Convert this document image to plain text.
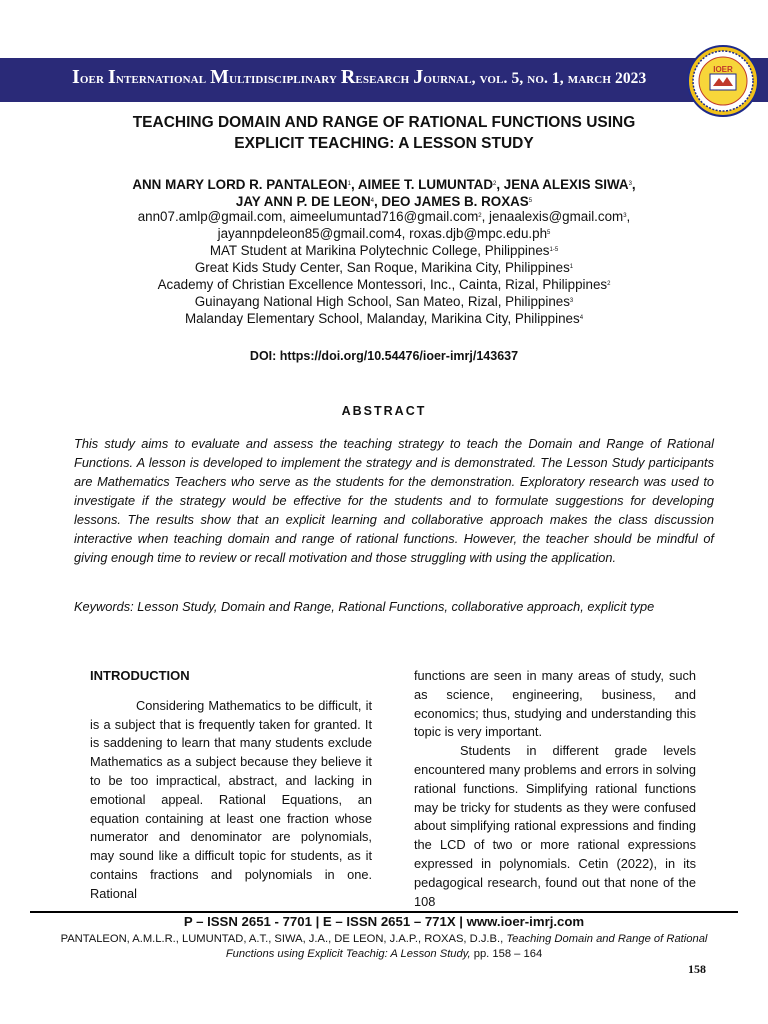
Ioer International Multidisciplinary Research Journal, vol. 5, no. 1, march 2023
IOER
TEACHING DOMAIN AND RANGE OF RATIONAL FUNCTIONS USING
EXPLICIT TEACHING: A LESSON STUDY
ANN MARY LORD R. PANTALEON$^1$, AIMEE T. LUMUNTAD$^2$, JENA ALEXIS SIWA$^3$,
JAY ANN P. DE LEON$^4$, DEO JAMES B. ROXAS$^5$
ann07.amlp@gmail.com, aimeelumuntad716@gmail.com$^2$, jenaalexis@gmail.com$^3$,
jayannpdeleon85@gmail.com4, $roxas.djb@mpc.edu.ph^5$
MAT Student at Marikina Polytechnic College, Philippines$^{1-5}$
Great Kids Study Center, San Roque, Marikina City, Philippines$^1$
Academy of Christian Excellence Montessori, Inc., Cainta, Rizal, Philippines$^2$
Guinayang National High School, San Mateo, Rizal, Philippines$^3$
Malanday Elementary School, Malanday, Marikina City, Philippines$^4$
DOI: https://doi.org/10.54476/ioer-imrj/143637
ABSTRACT
This study aims to evaluate and assess the teaching strategy to teach the Domain and Range of Rational Functions. A lesson is developed to implement the strategy and is demonstrated. The Lesson Study participants are Mathematics Teachers who serve as the students for the demonstration. Exploratory research was used to investigate if the strategy would be effective for the students and to formulate suggestions for developing lessons. The results show that an explicit learning and collaborative approach makes the class discussion interactive when teaching domain and range of rational functions. However, the teacher should be mindful of giving enough time to review or recall motivation and those struggling with using the application.
Keywords: Lesson Study, Domain and Range, Rational Functions, collaborative approach, explicit type

INTRODUCTION

Considering Mathematics to be difficult, it is a subject that is frequently taken for granted. It is saddening to learn that many students exclude Mathematics as a subject because they believe it to be too impractical, abstract, and lacking in emotional appeal. Rational Equations, an equation containing at least one fraction whose numerator and denominator are polynomials, may sound like a difficult topic for students, as it contains fractions and polynomials in one. Rational

functions are seen in many areas of study, such as science, engineering, business, and economics; thus, studying and understanding this topic is very important.

Students in different grade levels encountered many problems and errors in solving rational functions. Simplifying rational functions may be tricky for students as they were confused about simplifying rational expressions and finding the LCD of two or more rational expressions expressed in polynomials. Cetin (2022), in its pedagogical research, found out that none of the 108

P – ISSN 2651 - 7701 | E – ISSN 2651 – 771X | www.ioer-imrj.com
PANTALEON, A.M.L.R., LUMUNTAD, A.T., SIWA, J.A., DE LEON, J.A.P., ROXAS, D.J.B., Teaching Domain and Range of Rational Functions using Explicit Teachig: A Lesson Study, pp. 158 – 164
158
